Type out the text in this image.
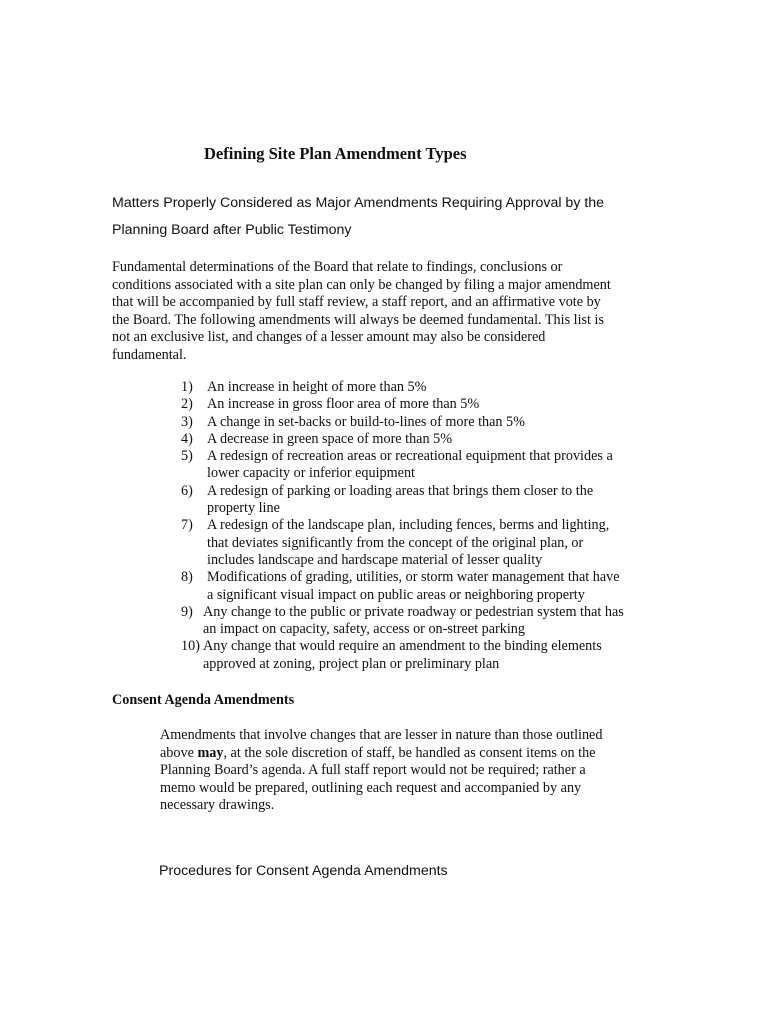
Defining Site Plan Amendment Types
Matters Properly Considered as Major Amendments Requiring Approval by the
Planning Board after Public Testimony
Fundamental determinations of the Board that relate to findings, conclusions or
conditions associated with a site plan can only be changed by filing a major amendment
that will be accompanied by full staff review, a staff report, and an affirmative vote by
the Board. The following amendments will always be deemed fundamental. This list is
not an exclusive list, and changes of a lesser amount may also be considered
fundamental.
1) An increase in height of more than 5%
2) An increase in gross floor area of more than 5%
3) A change in set-backs or build-to-lines of more than 5%
4) A decrease in green space of more than 5%
5) A redesign of recreation areas or recreational equipment that provides a
lower capacity or inferior equipment
6) A redesign of parking or loading areas that brings them closer to the
property line
7) A redesign of the landscape plan, including fences, berms and lighting,
that deviates significantly from the concept of the original plan, or
includes landscape and hardscape material of lesser quality
8) Modifications of grading, utilities, or storm water management that have
a significant visual impact on public areas or neighboring property
9) Any change to the public or private roadway or pedestrian system that has
an impact on capacity, safety, access or on-street parking
10) Any change that would require an amendment to the binding elements
approved at zoning, project plan or preliminary plan
Consent Agenda Amendments
Amendments that involve changes that are lesser in nature than those outlined
above may, at the sole discretion of staff, be handled as consent items on the
Planning Board’s agenda. A full staff report would not be required; rather a
memo would be prepared, outlining each request and accompanied by any
necessary drawings.
Procedures for Consent Agenda Amendments
